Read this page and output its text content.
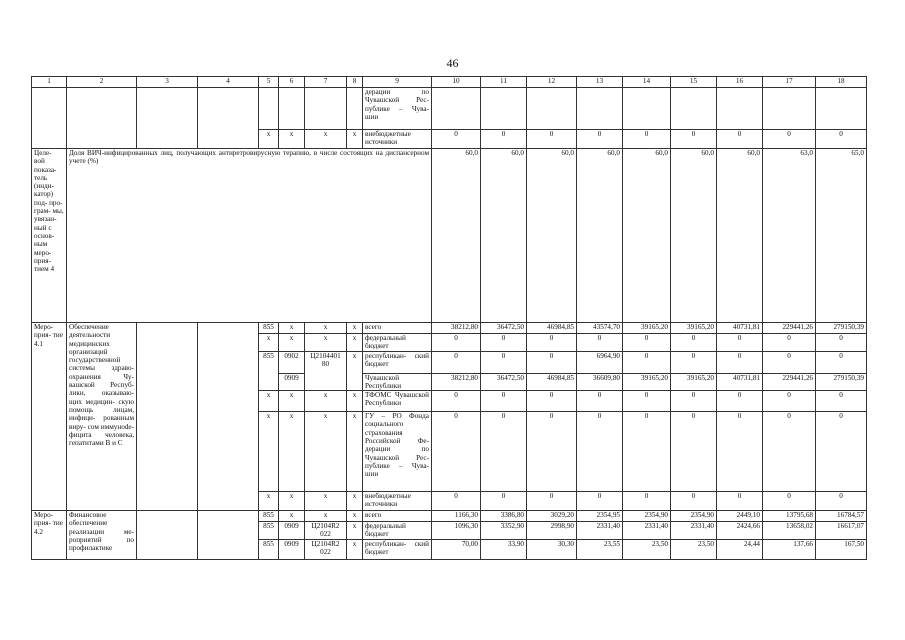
46
1	2	3	4	5	6	7	8	9	10	11	12	13	14	15	16	17	18
								дерации по Чувашской Рес- публике – Чува- шии									
				х	х	х	х	внебюджетные источники	0	0	0	0	0	0	0	0	0
Целе- вой показа- тель (инди- катор) под- про- грам- мы, увязан- ный с основ- ным меро- прия- тием 4	Доля ВИЧ-инфицированных лиц, получающих антиретровирусную терапию, в числе состоящих на диспансерном учете (%)								60,0	60,0	60,0	60,0	60,0	60,0	60,0	63,0	65,0
Меро- прия- тие 4.1	Обеспечение деятельности медицинских организаций государственной системы здраво- охранения Чу- вашской Респуб- лики, оказываю- щих медицин- скую помощь лицам, инфици- рованным виру- сом иммунode- фицита человека, гепатитами В и С			855	х	х	х	всего	38212,80	36472,50	46984,85	43574,70	39165,20	39165,20	40731,81	229441,26	279150,39
				х	х	х	х	федеральный бюджет	0	0	0	0	0	0	0	0	0
				855	0902	Ц2104401 80	х	республикан- ский бюджет	0	0	0	6964,90	0	0	0	0	0
					0909			Чувашской Республики	38212,80	36472,50	46984,85	36609,80	39165,20	39165,20	40731,81	229441,26	279150,39
				х	х	х	х	ТФОМС Чувашской Республики	0	0	0	0	0	0	0	0	0
				х	х	х	х	ГУ – РО Фонда социального страхования Российской Фе- дерации по Чувашской Рес- публике – Чува- шии	0	0	0	0	0	0	0	0	0
				х	х	х	х	внебюджетные источники	0	0	0	0	0	0	0	0	0
Меро- прия- тие 4.2	Финансовое обеспечение реализации ме- роприятий по профилактике			855	х	х	х	всего	1166,30	3386,80	3029,20	2354,95	2354,90	2354,90	2449,10	13795,68	16784,57
				855	0909	Ц2104R2 022	х	федеральный бюджет	1096,30	3352,90	2998,90	2331,40	2331,40	2331,40	2424,66	13658,02	16617,07
				855	0909	Ц2104R2 022	х	республикан- ский бюджет	70,00	33,90	30,30	23,55	23,50	23,50	24,44	137,66	167,50
